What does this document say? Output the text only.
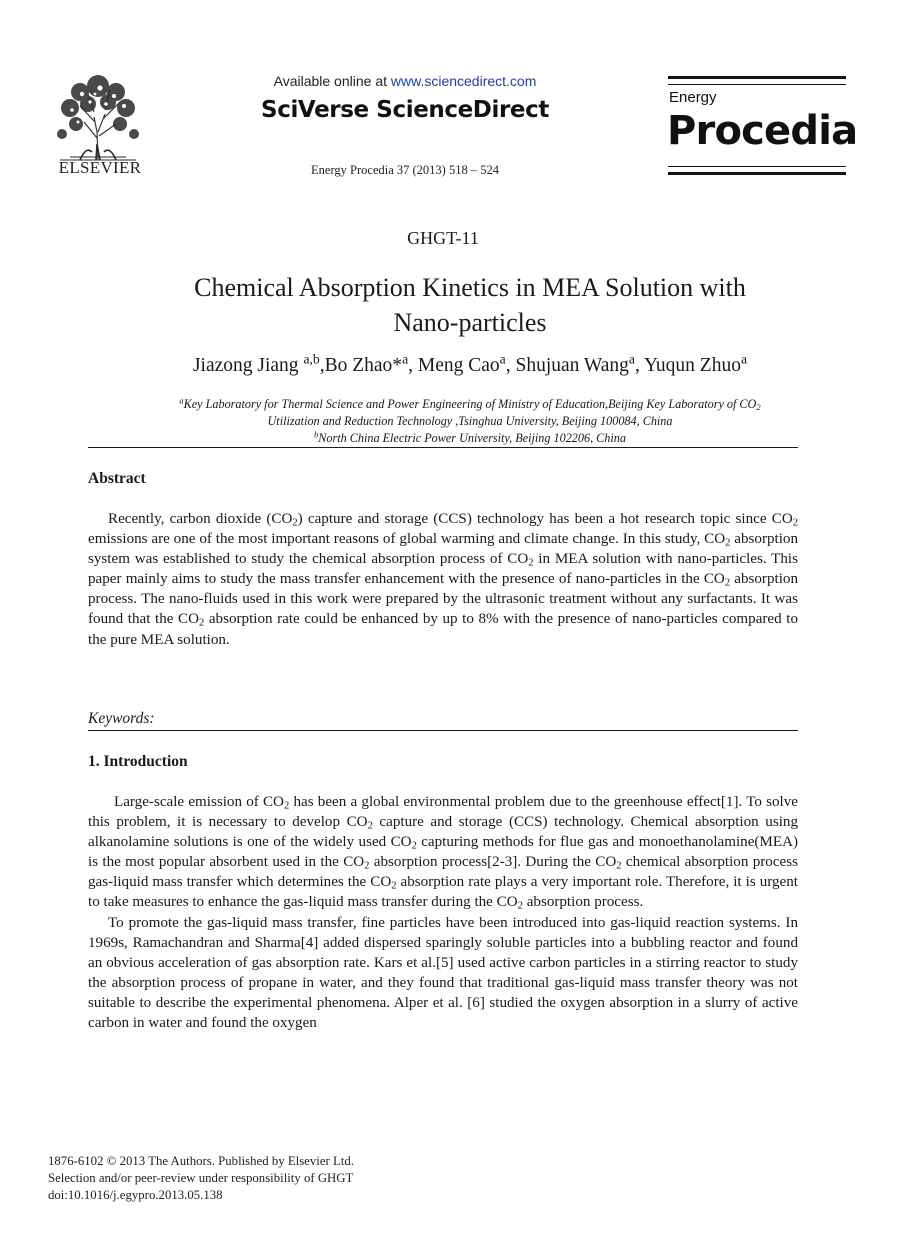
ELSEVIER
Available online at www.sciencedirect.com
SciVerse ScienceDirect
Energy Procedia 37 (2013) 518 – 524
Energy
Procedia
GHGT-11
Chemical Absorption Kinetics in MEA Solution with
Nano-particles
Jiazong Jiang $^{a,b}$,Bo Zhao*$^a$, Meng Cao$^a$, Shujuan Wang$^a$, Yuqun Zhuo$^a$
$^a$Key Laboratory for Thermal Science and Power Engineering of Ministry of Education,Beijing Key Laboratory of $CO_2$
Utilization and Reduction Technology ,Tsinghua University, Beijing 100084, China
$^b$North China Electric Power University, Beijing 102206, China
Abstract

Recently, carbon dioxide $(CO_2)$ capture and storage (CCS) technology has been a hot research topic since $CO_2$ emissions are one of the most important reasons of global warming and climate change. In this study, $CO_2$ absorption system was established to study the chemical absorption process of $CO_2$ in MEA solution with nano-particles. This paper mainly aims to study the mass transfer enhancement with the presence of nano-particles in the $CO_2$ absorption process. The nano-fluids used in this work were prepared by the ultrasonic treatment without any surfactants. It was found that the $CO_2$ absorption rate could be enhanced by up to 8% with the presence of nano-particles compared to the pure MEA solution.

Keywords:
1. Introduction

Large-scale emission of $CO_2$ has been a global environmental problem due to the greenhouse effect[1]. To solve this problem, it is necessary to develop $CO_2$ capture and storage (CCS) technology. Chemical absorption using alkanolamine solutions is one of the widely used $CO_2$ capturing methods for flue gas and monoethanolamine(MEA) is the most popular absorbent used in the $CO_2$ absorption process[2-3]. During the $CO_2$ chemical absorption process gas-liquid mass transfer which determines the $CO_2$ absorption rate plays a very important role. Therefore, it is urgent to take measures to enhance the gas-liquid mass transfer during the $CO_2$ absorption process.

To promote the gas-liquid mass transfer, fine particles have been introduced into gas-liquid reaction systems. In 1969s, Ramachandran and Sharma[4] added dispersed sparingly soluble particles into a bubbling reactor and found an obvious acceleration of gas absorption rate. Kars et al.[5] used active carbon particles in a stirring reactor to study the absorption process of propane in water, and they found that traditional gas-liquid mass transfer theory was not suitable to describe the experimental phenomena. Alper et al. [6] studied the oxygen absorption in a slurry of active carbon in water and found the oxygen

1876-6102 © 2013 The Authors. Published by Elsevier Ltd.
Selection and/or peer-review under responsibility of GHGT
doi:10.1016/j.egypro.2013.05.138
